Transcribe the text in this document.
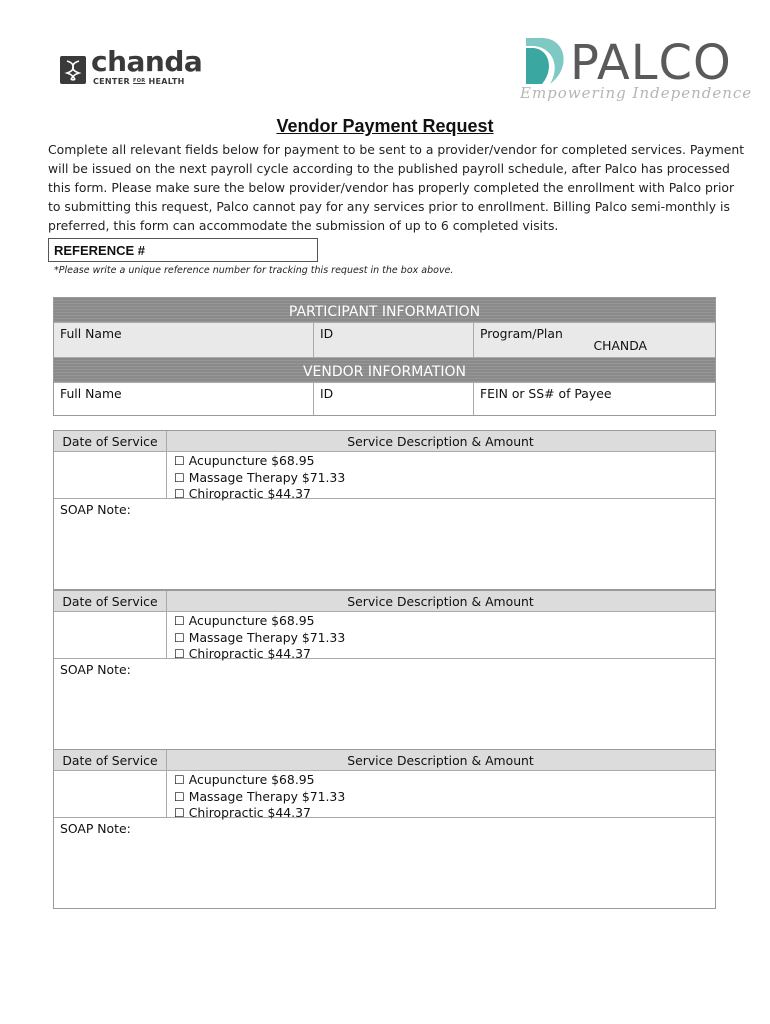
chanda
CENTER $^{FOR}$ HEALTH	PALCO
Empowering Independence
Vendor Payment Request
Complete all relevant fields below for payment to be sent to a provider/vendor for completed services. Payment will be issued on the next payroll cycle according to the published payroll schedule, after Palco has processed this form. Please make sure the below provider/vendor has properly completed the enrollment with Palco prior to submitting this request, Palco cannot pay for any services prior to enrollment. Billing Palco semi-monthly is preferred, this form can accommodate the submission of up to 6 completed visits.
REFERENCE #
*Please write a unique reference number for tracking this request in the box above.
PARTICIPANT INFORMATION
Full Name	ID	Program/Plan
CHANDA
VENDOR INFORMATION
Full Name	ID	FEIN or SS# of Payee
Date of Service	Service Description & Amount
☐ Acupuncture $68.95
☐ Massage Therapy $71.33
☐ Chiropractic $44.37
SOAP Note:
Date of Service	Service Description & Amount
☐ Acupuncture $68.95
☐ Massage Therapy $71.33
☐ Chiropractic $44.37
SOAP Note:
Date of Service	Service Description & Amount
☐ Acupuncture $68.95
☐ Massage Therapy $71.33
☐ Chiropractic $44.37
SOAP Note:
